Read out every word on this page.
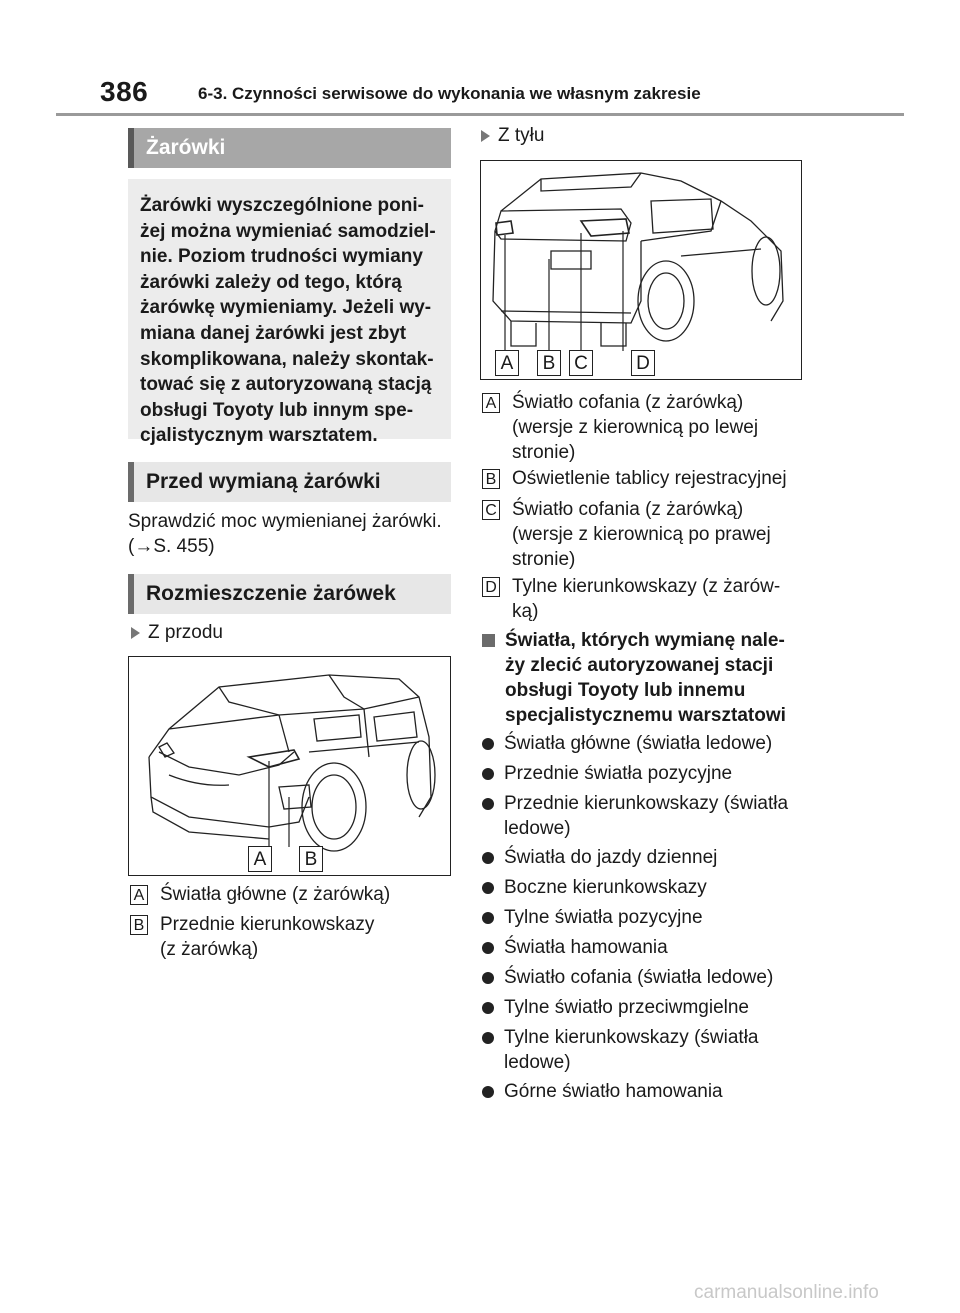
386	6-3. Czynności serwisowe do wykonania we własnym zakresie
Żarówki
Żarówki wyszczególnione poni-
żej można wymieniać samodziel-
nie. Poziom trudności wymiany
żarówki zależy od tego, którą
żarówkę wymieniamy. Jeżeli wy-
miana danej żarówki jest zbyt
skomplikowana, należy skontak-
tować się z autoryzowaną stacją
obsługi Toyoty lub innym spe-
cjalistycznym warsztatem.
Przed wymianą żarówki
Sprawdzić moc wymienianej żarówki.
(→S. 455)
Rozmieszczenie żarówek
Z przodu
A B
A Światła główne (z żarówką)
B Przednie kierunkowskazy
(z żarówką)
Z tyłu
A B C	D
A Światło cofania (z żarówką)
(wersje z kierownicą po lewej
stronie)
B Oświetlenie tablicy rejestracyjnej
C Światło cofania (z żarówką)
(wersje z kierownicą po prawej
stronie)
D Tylne kierunkowskazy (z żarów-
ką)
Światła, których wymianę nale-
ży zlecić autoryzowanej stacji
obsługi Toyoty lub innemu
specjalistycznemu warsztatowi
Światła główne (światła ledowe)
Przednie światła pozycyjne
Przednie kierunkowskazy (światła
ledowe)
Światła do jazdy dziennej
Boczne kierunkowskazy
Tylne światła pozycyjne
Światła hamowania
Światło cofania (światła ledowe)
Tylne światło przeciwmgielne
Tylne kierunkowskazy (światła
ledowe)
Górne światło hamowania
carmanualsonline.info
